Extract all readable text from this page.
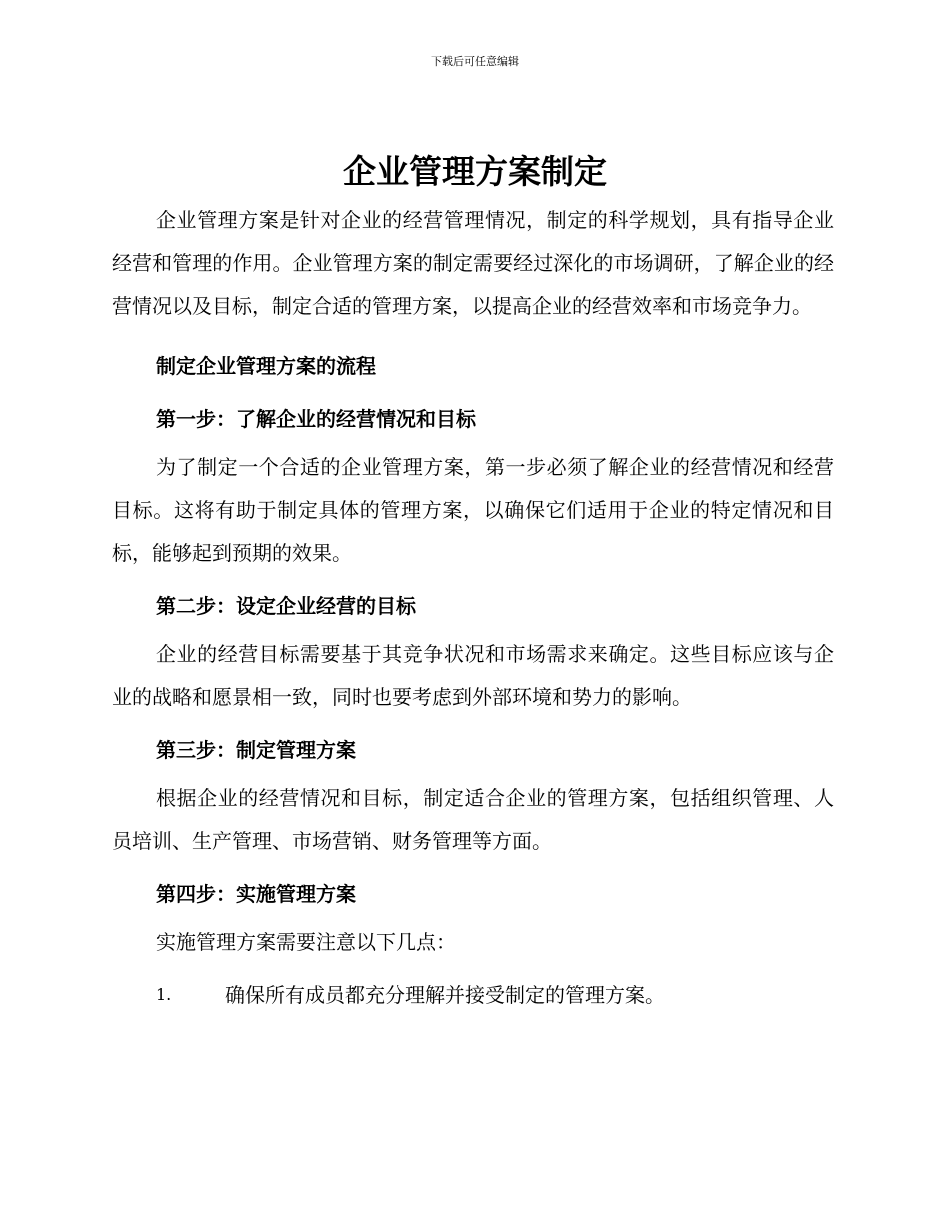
下载后可任意编辑
企业管理方案制定

企业管理方案是针对企业的经营管理情况，制定的科学规划，具有指导企业经营和管理的作用。企业管理方案的制定需要经过深化的市场调研，了解企业的经营情况以及目标，制定合适的管理方案，以提高企业的经营效率和市场竞争力。

制定企业管理方案的流程

第一步：了解企业的经营情况和目标

为了制定一个合适的企业管理方案，第一步必须了解企业的经营情况和经营目标。这将有助于制定具体的管理方案，以确保它们适用于企业的特定情况和目标，能够起到预期的效果。

第二步：设定企业经营的目标

企业的经营目标需要基于其竞争状况和市场需求来确定。这些目标应该与企业的战略和愿景相一致，同时也要考虑到外部环境和势力的影响。

第三步：制定管理方案

根据企业的经营情况和目标，制定适合企业的管理方案，包括组织管理、人员培训、生产管理、市场营销、财务管理等方面。

第四步：实施管理方案

实施管理方案需要注意以下几点：

1.	确保所有成员都充分理解并接受制定的管理方案。
